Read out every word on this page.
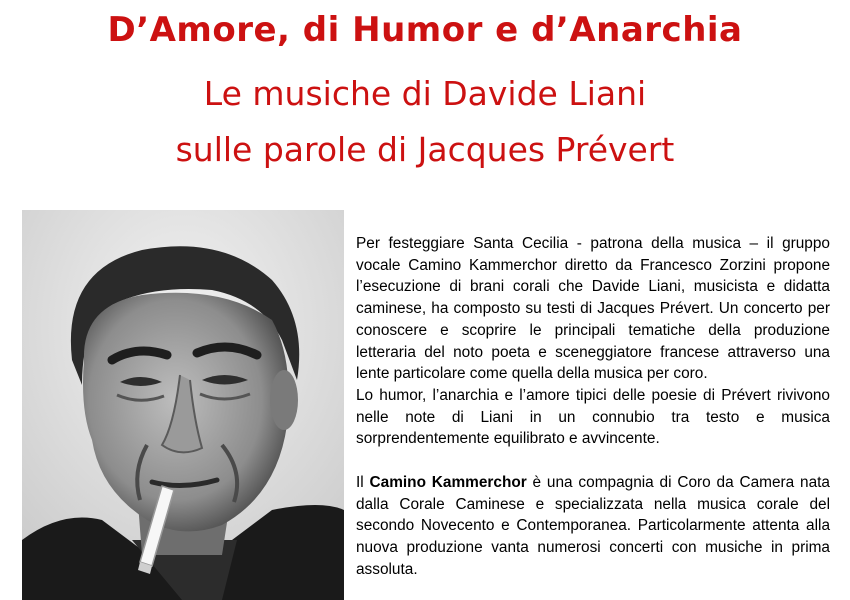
D’Amore, di Humor e d’Anarchia
Le musiche di Davide Liani
sulle parole di Jacques Prévert

Per festeggiare Santa Cecilia - patrona della musica – il gruppo vocale Camino Kammerchor diretto da Francesco Zorzini propone l’esecuzione di brani corali che Davide Liani, musicista e didatta caminese, ha composto su testi di Jacques Prévert. Un concerto per conoscere e scoprire le principali tematiche della produzione letteraria del noto poeta e sceneggiatore francese attraverso una lente particolare come quella della musica per coro.

Lo humor, l’anarchia e l’amore tipici delle poesie di Prévert rivivono nelle note di Liani in un connubio tra testo e musica sorprendentemente equilibrato e avvincente.

Il Camino Kammerchor è una compagnia di Coro da Camera nata dalla Corale Caminese e specializzata nella musica corale del secondo Novecento e Contemporanea. Particolarmente attenta alla nuova produzione vanta numerosi concerti con musiche in prima assoluta.
